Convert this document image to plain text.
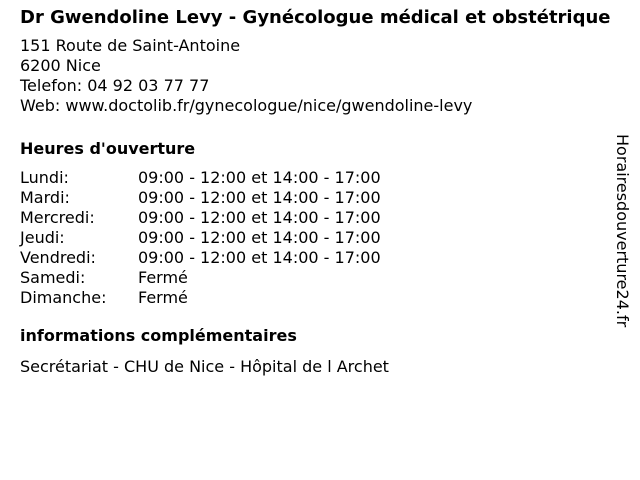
Dr Gwendoline Levy - Gynécologue médical et obstétrique
151 Route de Saint-Antoine
6200 Nice
Telefon: 04 92 03 77 77
Web: www.doctolib.fr/gynecologue/nice/gwendoline-levy
Heures d'ouverture
Lundi:	09:00 - 12:00 et 14:00 - 17:00
Mardi:	09:00 - 12:00 et 14:00 - 17:00
Mercredi:	09:00 - 12:00 et 14:00 - 17:00
Jeudi:	09:00 - 12:00 et 14:00 - 17:00
Vendredi:	09:00 - 12:00 et 14:00 - 17:00
Samedi:	Fermé
Dimanche:	Fermé
informations complémentaires
Secrétariat - CHU de Nice - Hôpital de l Archet
Horairesdouverture24.fr
